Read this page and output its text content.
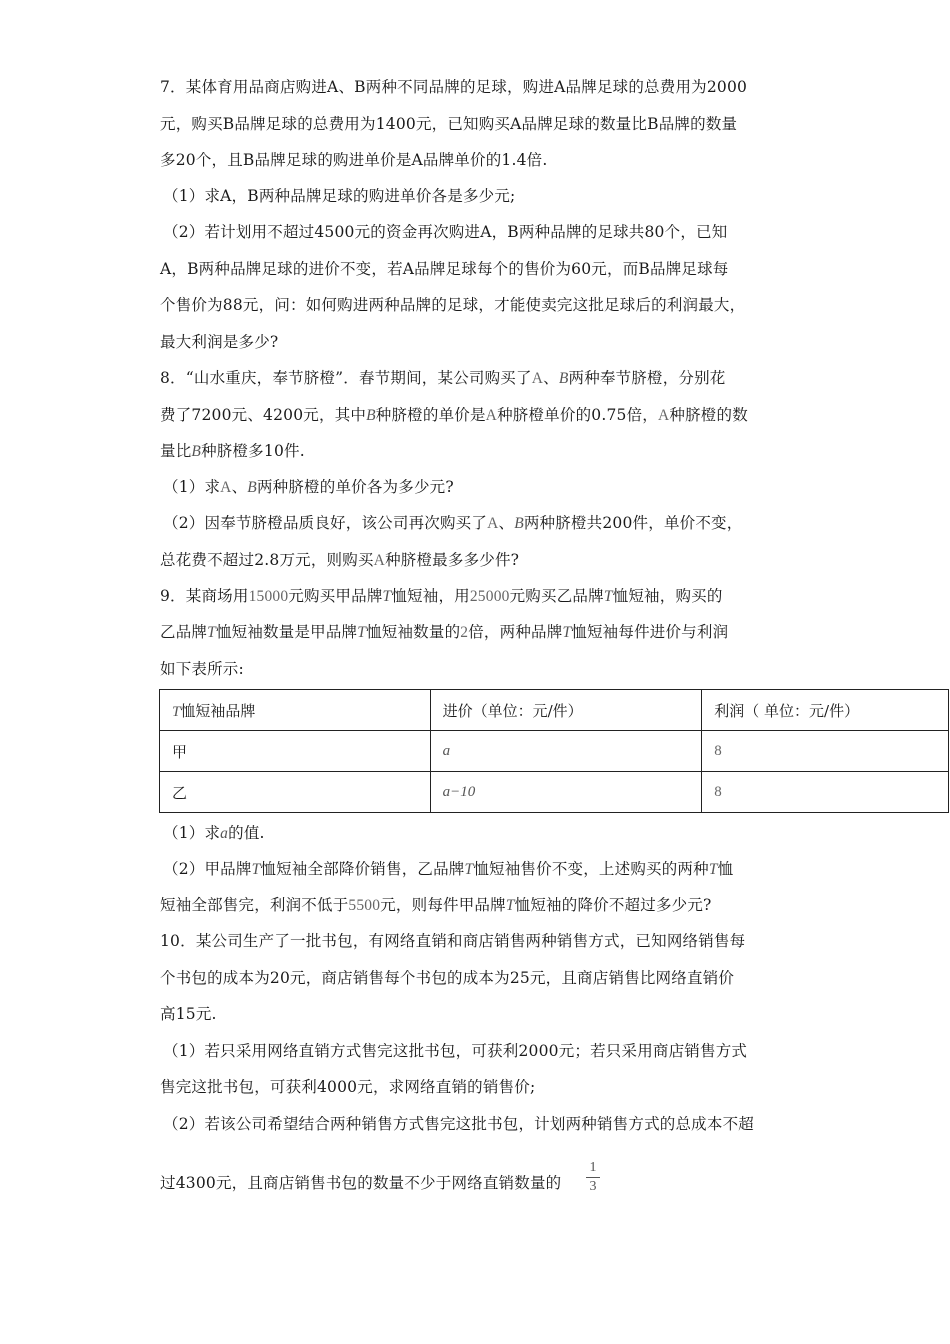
7．某体育用品商店购进A、B两种不同品牌的足球，购进A品牌足球的总费用为2000
元，购买B品牌足球的总费用为1400元，已知购买A品牌足球的数量比B品牌的数量
多20个，且B品牌足球的购进单价是A品牌单价的1.4倍.
（1）求A，B两种品牌足球的购进单价各是多少元;
（2）若计划用不超过4500元的资金再次购进A，B两种品牌的足球共80个，已知
A，B两种品牌足球的进价不变，若A品牌足球每个的售价为60元，而B品牌足球每
个售价为88元，问：如何购进两种品牌的足球，才能使卖完这批足球后的利润最大，
最大利润是多少?
8．“山水重庆，奉节脐橙”．春节期间，某公司购买了A、B两种奉节脐橙，分别花
费了7200元、4200元，其中B种脐橙的单价是A种脐橙单价的0.75倍，A种脐橙的数
量比B种脐橙多10件.
（1）求A、B两种脐橙的单价各为多少元?
（2）因奉节脐橙品质良好，该公司再次购买了A、B两种脐橙共200件，单价不变，
总花费不超过2.8万元，则购买A种脐橙最多多少件?
9．某商场用15000元购买甲品牌T恤短袖，用25000元购买乙品牌T恤短袖，购买的
乙品牌T恤短袖数量是甲品牌T恤短袖数量的2倍，两种品牌T恤短袖每件进价与利润
如下表所示:
T恤短袖品牌	进价（单位：元/件）	利润（ 单位：元/件）
甲	a	8
乙	a−10	8
（1）求a的值.
（2）甲品牌T恤短袖全部降价销售，乙品牌T恤短袖售价不变，上述购买的两种T恤
短袖全部售完，利润不低于5500元，则每件甲品牌T恤短袖的降价不超过多少元?
10．某公司生产了一批书包，有网络直销和商店销售两种销售方式，已知网络销售每
个书包的成本为20元，商店销售每个书包的成本为25元，且商店销售比网络直销价
高15元.
（1）若只采用网络直销方式售完这批书包，可获利2000元；若只采用商店销售方式
售完这批书包，可获利4000元，求网络直销的销售价;
（2）若该公司希望结合两种销售方式售完这批书包，计划两种销售方式的总成本不超
过4300元，且商店销售书包的数量不少于网络直销数量的
1
3
